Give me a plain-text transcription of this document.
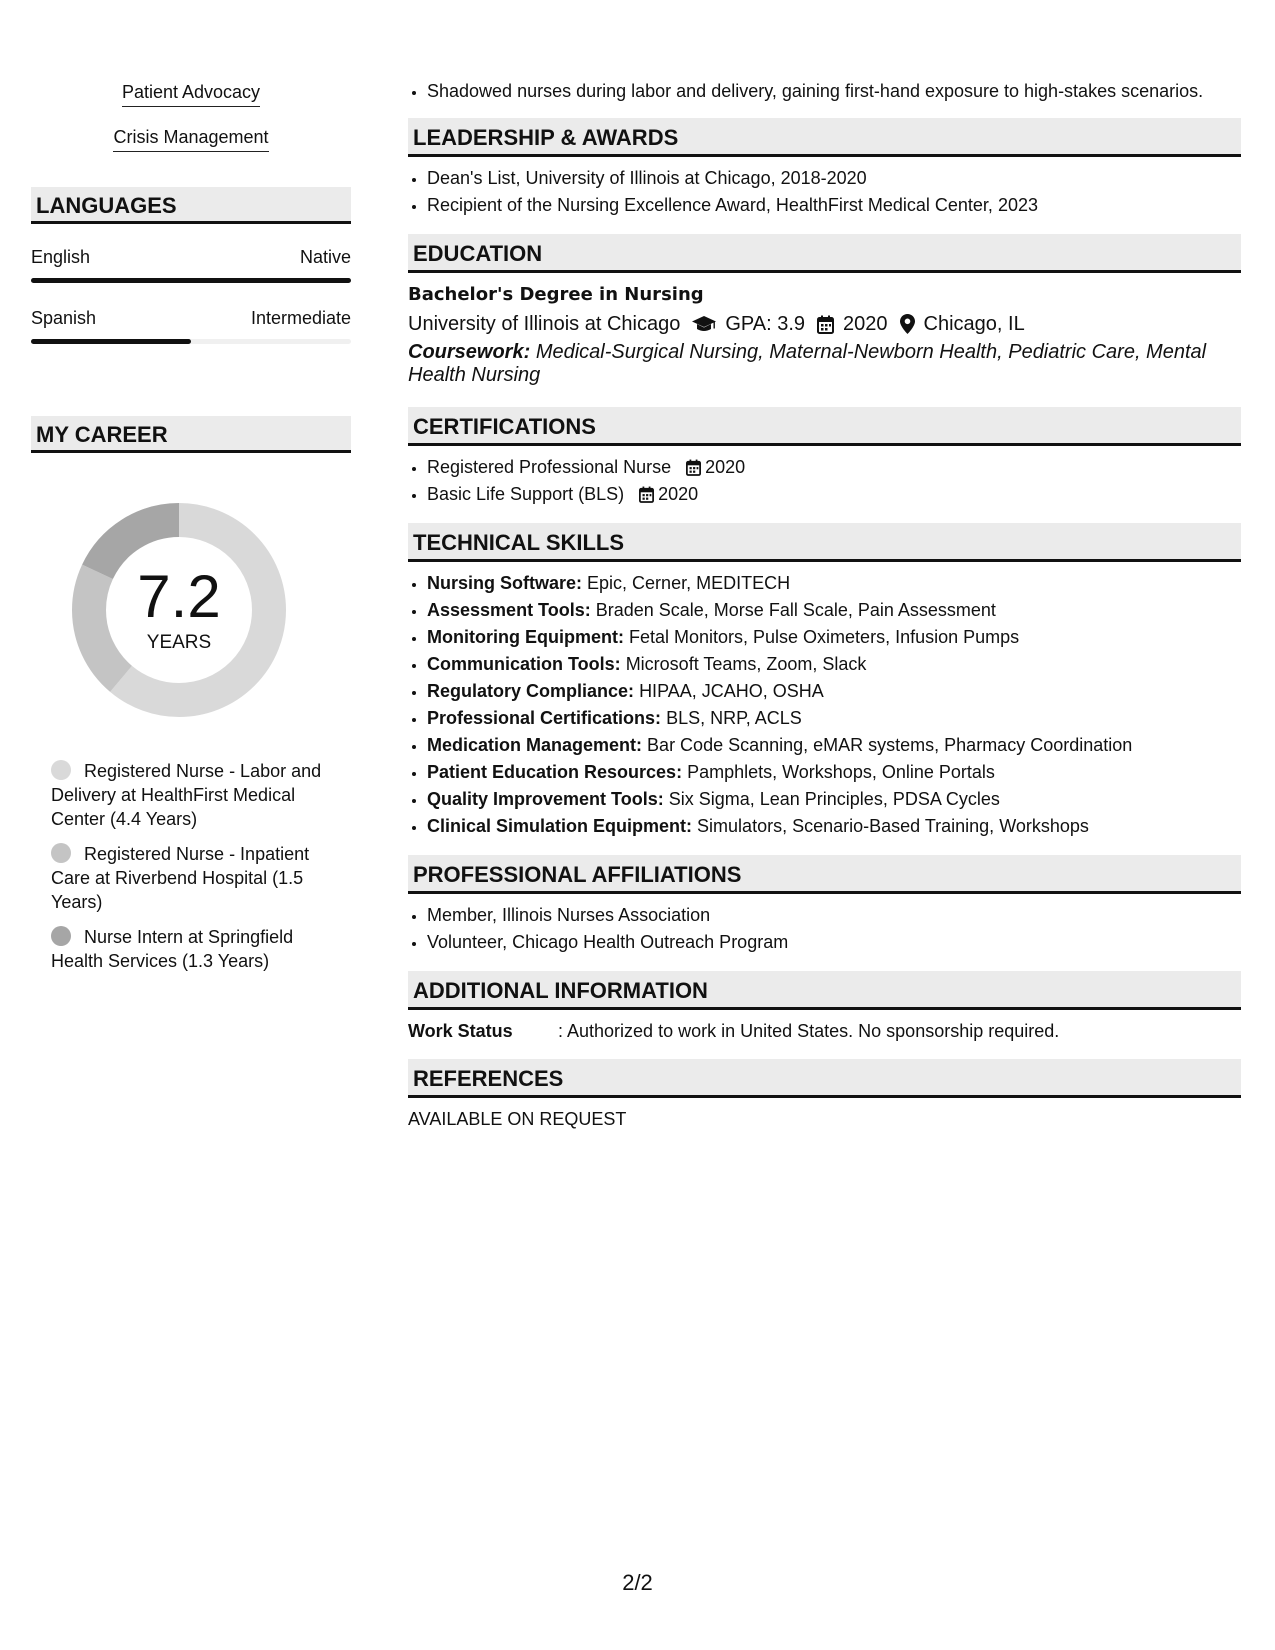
Patient Advocacy
Crisis Management
LANGUAGES
English	Native
Spanish	Intermediate
MY CAREER
7.2
YEARS
Registered Nurse - Labor and Delivery at HealthFirst Medical Center (4.4 Years)
Registered Nurse - Inpatient Care at Riverbend Hospital (1.5 Years)
Nurse Intern at Springfield Health Services (1.3 Years)
• Shadowed nurses during labor and delivery, gaining first-hand exposure to high-stakes scenarios.
LEADERSHIP & AWARDS
• Dean's List, University of Illinois at Chicago, 2018-2020
• Recipient of the Nursing Excellence Award, HealthFirst Medical Center, 2023
EDUCATION
Bachelor's Degree in Nursing
University of Illinois at Chicago GPA: 3.9 2020 Chicago, IL
Coursework: Medical-Surgical Nursing, Maternal-Newborn Health, Pediatric Care, Mental Health Nursing
CERTIFICATIONS
• Registered Professional Nurse 2020
• Basic Life Support (BLS) 2020
TECHNICAL SKILLS
• Nursing Software: Epic, Cerner, MEDITECH
• Assessment Tools: Braden Scale, Morse Fall Scale, Pain Assessment
• Monitoring Equipment: Fetal Monitors, Pulse Oximeters, Infusion Pumps
• Communication Tools: Microsoft Teams, Zoom, Slack
• Regulatory Compliance: HIPAA, JCAHO, OSHA
• Professional Certifications: BLS, NRP, ACLS
• Medication Management: Bar Code Scanning, eMAR systems, Pharmacy Coordination
• Patient Education Resources: Pamphlets, Workshops, Online Portals
• Quality Improvement Tools: Six Sigma, Lean Principles, PDSA Cycles
• Clinical Simulation Equipment: Simulators, Scenario-Based Training, Workshops
PROFESSIONAL AFFILIATIONS
• Member, Illinois Nurses Association
• Volunteer, Chicago Health Outreach Program
ADDITIONAL INFORMATION
Work Status	: Authorized to work in United States. No sponsorship required.
REFERENCES
AVAILABLE ON REQUEST
2/2
